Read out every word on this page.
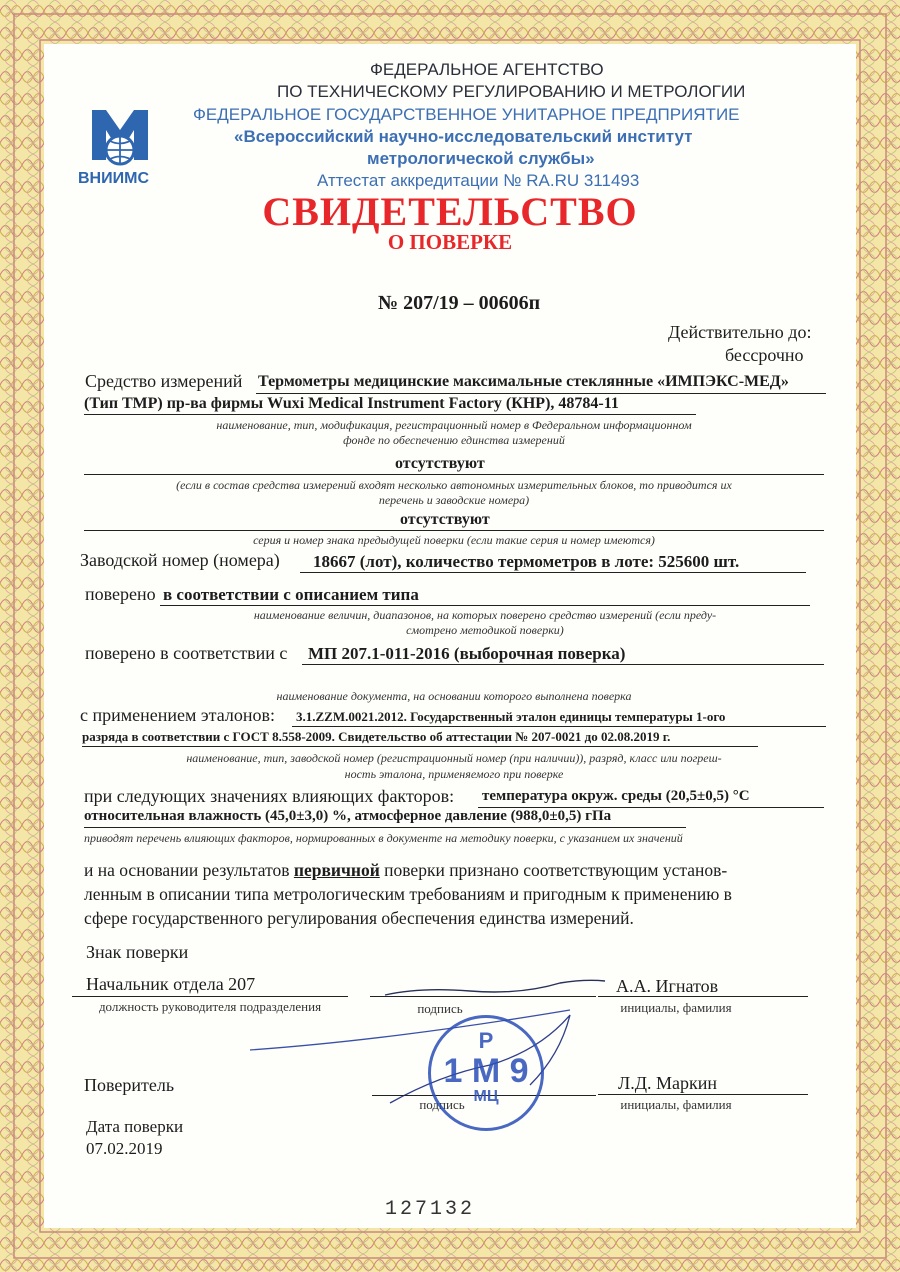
ВНИИМС
ФЕДЕРАЛЬНОЕ АГЕНТСТВО
ПО ТЕХНИЧЕСКОМУ РЕГУЛИРОВАНИЮ И МЕТРОЛОГИИ
ФЕДЕРАЛЬНОЕ ГОСУДАРСТВЕННОЕ УНИТАРНОЕ ПРЕДПРИЯТИЕ
«Всероссийский научно-исследовательский институт
метрологической службы»
Аттестат аккредитации № RA.RU 311493
СВИДЕТЕЛЬСТВО
О ПОВЕРКЕ
№ 207/19 – 00606п
Действительно до:
бессрочно
Средство измерений Термометры медицинские максимальные стеклянные «ИМПЭКС-МЕД»
(Тип ТМР) пр-ва фирмы Wuxi Medical Instrument Factory (КНР), 48784-11
наименование, тип, модификация, регистрационный номер в Федеральном информационном
фонде по обеспечению единства измерений
отсутствуют
(если в состав средства измерений входят несколько автономных измерительных блоков, то приводится их
перечень и заводские номера)
отсутствуют
серия и номер знака предыдущей поверки (если такие серия и номер имеются)
Заводской номер (номера) 18667 (лот), количество термометров в лоте: 525600 шт.
поверено в соответствии с описанием типа
наименование величин, диапазонов, на которых поверено средство измерений (если преду-
смотрено методикой поверки)
поверено в соответствии с МП 207.1-011-2016 (выборочная поверка)
наименование документа, на основании которого выполнена поверка
с применением эталонов: 3.1.ZZM.0021.2012. Государственный эталон единицы температуры 1-ого
разряда в соответствии с ГОСТ 8.558-2009. Свидетельство об аттестации № 207-0021 до 02.08.2019 г.
наименование, тип, заводской номер (регистрационный номер (при наличии)), разряд, класс или погреш-
ность эталона, применяемого при поверке
при следующих значениях влияющих факторов: температура окруж. среды (20,5±0,5) °С
относительная влажность (45,0±3,0) %, атмосферное давление (988,0±0,5) гПа
приводят перечень влияющих факторов, нормированных в документе на методику поверки, с указанием их значений
и на основании результатов первичной поверки признано соответствующим установ-
ленным в описании типа метрологическим требованиям и пригодным к применению в
сфере государственного регулирования обеспечения единства измерений.
Знак поверки
Начальник отдела 207
должность руководителя подразделения	подпись
А.А. Игнатов
инициалы, фамилия
Поверитель
подпись
Л.Д. Маркин
инициалы, фамилия
Р
1 М 9
МЦ
Дата поверки
07.02.2019
127132
